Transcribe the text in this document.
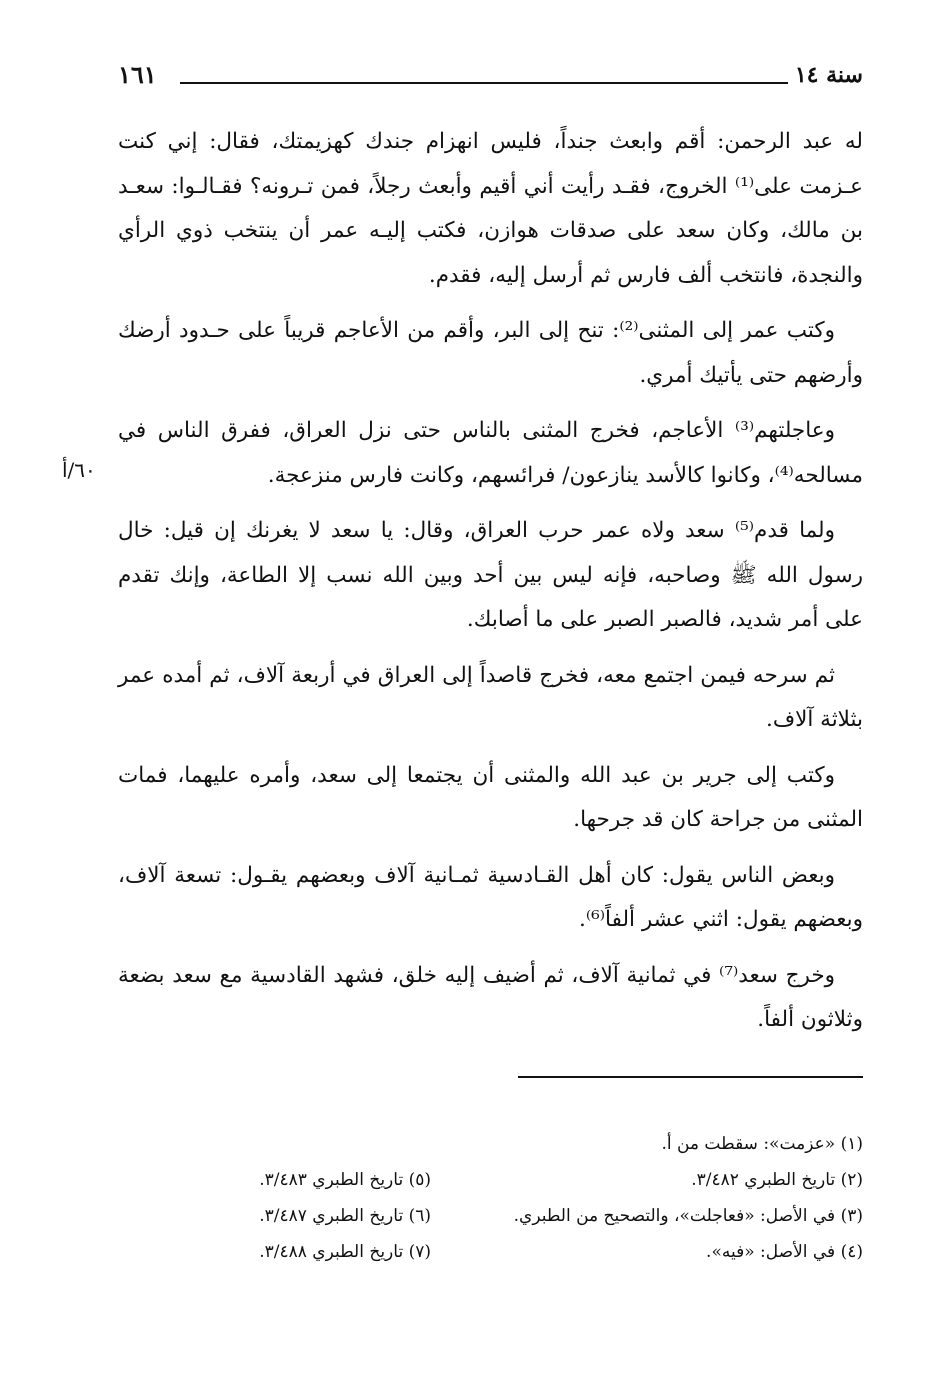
سنة ١٤
١٦١

له عبد الرحمن: أقم وابعث جنداً، فليس انهزام جندك كهزيمتك، فقال: إني كنت عـزمت على⁽¹⁾ الخروج، فقـد رأيت أني أقيم وأبعث رجلاً، فمن تـرونه؟ فقـالـوا: سعـد بن مالك، وكان سعد على صدقات هوازن، فكتب إليـه عمر أن ينتخب ذوي الرأي والنجدة، فانتخب ألف فارس ثم أرسل إليه، فقدم.

وكتب عمر إلى المثنى⁽²⁾: تنح إلى البر، وأقم من الأعاجم قريباً على حـدود أرضك وأرضهم حتى يأتيك أمري.

وعاجلتهم⁽³⁾ الأعاجم، فخرج المثنى بالناس حتى نزل العراق، ففرق الناس في مسالحه⁽⁴⁾، وكانوا كالأسد ينازعون/ فرائسهم، وكانت فارس منزعجة.

ولما قدم⁽⁵⁾ سعد ولاه عمر حرب العراق، وقال: يا سعد لا يغرنك إن قيل: خال رسول الله ﷺ وصاحبه، فإنه ليس بين أحد وبين الله نسب إلا الطاعة، وإنك تقدم على أمر شديد، فالصبر الصبر على ما أصابك.

ثم سرحه فيمن اجتمع معه، فخرج قاصداً إلى العراق في أربعة آلاف، ثم أمده عمر بثلاثة آلاف.

وكتب إلى جرير بن عبد الله والمثنى أن يجتمعا إلى سعد، وأمره عليهما، فمات المثنى من جراحة كان قد جرحها.

وبعض الناس يقول: كان أهل القـادسية ثمـانية آلاف وبعضهم يقـول: تسعة آلاف، وبعضهم يقول: اثني عشر ألفاً⁽⁶⁾.

وخرج سعد⁽⁷⁾ في ثمانية آلاف، ثم أضيف إليه خلق، فشهد القادسية مع سعد بضعة وثلاثون ألفاً.

٦٠/أ
(١) «عزمت»: سقطت من أ.
(٢) تاريخ الطبري ٣/٤٨٢.
(٣) في الأصل: «فعاجلت»، والتصحيح من الطبري.
(٤) في الأصل: «فيه».
(٥) تاريخ الطبري ٣/٤٨٣.
(٦) تاريخ الطبري ٣/٤٨٧.
(٧) تاريخ الطبري ٣/٤٨٨.
